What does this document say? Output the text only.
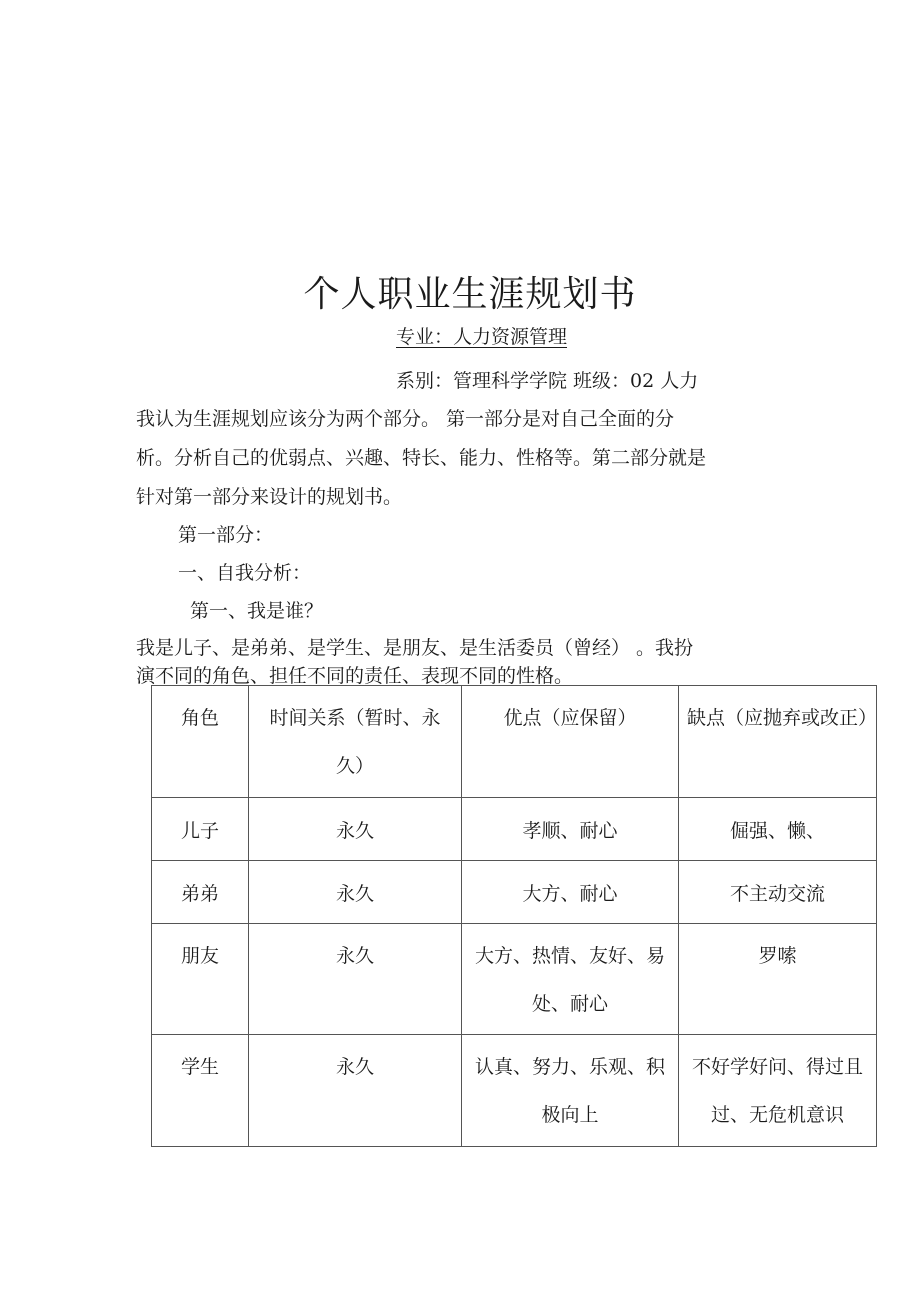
个人职业生涯规划书
专业：人力资源管理
系别：管理科学学院 班级：02 人力
我认为生涯规划应该分为两个部分。 第一部分是对自己全面的分
析。分析自己的优弱点、兴趣、特长、能力、性格等。第二部分就是
针对第一部分来设计的规划书。
第一部分：
一、自我分析：
第一、我是谁？
我是儿子、是弟弟、是学生、是朋友、是生活委员（曾经） 。我扮
演不同的角色、担任不同的责任、表现不同的性格。
角色	时间关系（暂时、永久）	优点（应保留）	缺点（应抛弃或改正）
儿子	永久	孝顺、耐心	倔强、懒、
弟弟	永久	大方、耐心	不主动交流
朋友	永久	大方、热情、友好、易处、耐心	罗嗦
学生	永久	认真、努力、乐观、积极向上	不好学好问、得过且过、无危机意识
